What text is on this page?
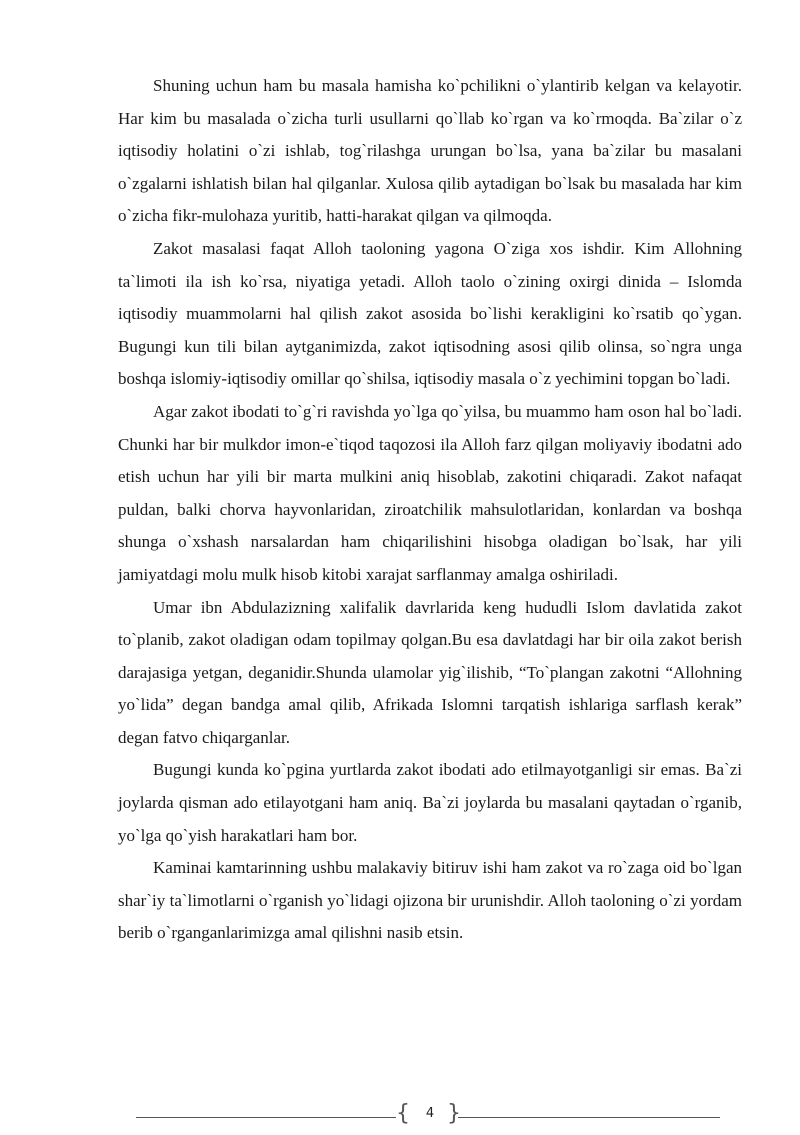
Shuning uchun ham bu masala hamisha ko`pchilikni o`ylantirib kelgan va kelayotir. Har kim bu masalada o`zicha turli usullarni qo`llab ko`rgan va ko`rmoqda. Ba`zilar o`z iqtisodiy holatini o`zi ishlab, tog`rilashga urungan bo`lsa, yana ba`zilar bu masalani o`zgalarni ishlatish bilan hal qilganlar. Xulosa qilib aytadigan bo`lsak bu masalada har kim o`zicha fikr-mulohaza yuritib, hatti-harakat qilgan va qilmoqda.

Zakot masalasi faqat Alloh taoloning yagona O`ziga xos ishdir. Kim Allohning ta`limoti ila ish ko`rsa, niyatiga yetadi. Alloh taolo o`zining oxirgi dinida – Islomda iqtisodiy muammolarni hal qilish zakot asosida bo`lishi kerakligini ko`rsatib qo`ygan. Bugungi kun tili bilan aytganimizda, zakot iqtisodning asosi qilib olinsa, so`ngra unga boshqa islomiy-iqtisodiy omillar qo`shilsa, iqtisodiy masala o`z yechimini topgan bo`ladi.

Agar zakot ibodati to`g`ri ravishda yo`lga qo`yilsa, bu muammo ham oson hal bo`ladi. Chunki har bir mulkdor imon-e`tiqod taqozosi ila Alloh farz qilgan moliyaviy ibodatni ado etish uchun har yili bir marta mulkini aniq hisoblab, zakotini chiqaradi. Zakot nafaqat puldan, balki chorva hayvonlaridan, ziroatchilik mahsulotlaridan, konlardan va boshqa shunga o`xshash narsalardan ham chiqarilishini hisobga oladigan bo`lsak, har yili jamiyatdagi molu mulk hisob kitobi xarajat sarflanmay amalga oshiriladi.

Umar ibn Abdulazizning xalifalik davrlarida keng hududli Islom davlatida zakot to`planib, zakot oladigan odam topilmay qolgan.Bu esa davlatdagi har bir oila zakot berish darajasiga yetgan, deganidir.Shunda ulamolar yig`ilishib, “To`plangan zakotni “Allohning yo`lida” degan bandga amal qilib, Afrikada Islomni tarqatish ishlariga sarflash kerak” degan fatvo chiqarganlar.

Bugungi kunda ko`pgina yurtlarda zakot ibodati ado etilmayotganligi sir emas. Ba`zi joylarda qisman ado etilayotgani ham aniq. Ba`zi joylarda bu masalani qaytadan o`rganib, yo`lga qo`yish harakatlari ham bor.

Kaminai kamtarinning ushbu malakaviy bitiruv ishi ham zakot va ro`zaga oid bo`lgan shar`iy ta`limotlarni o`rganish yo`lidagi ojizona bir urunishdir. Alloh taoloning o`zi yordam berib o`rganganlarimizga amal qilishni nasib etsin.

{	4 }
